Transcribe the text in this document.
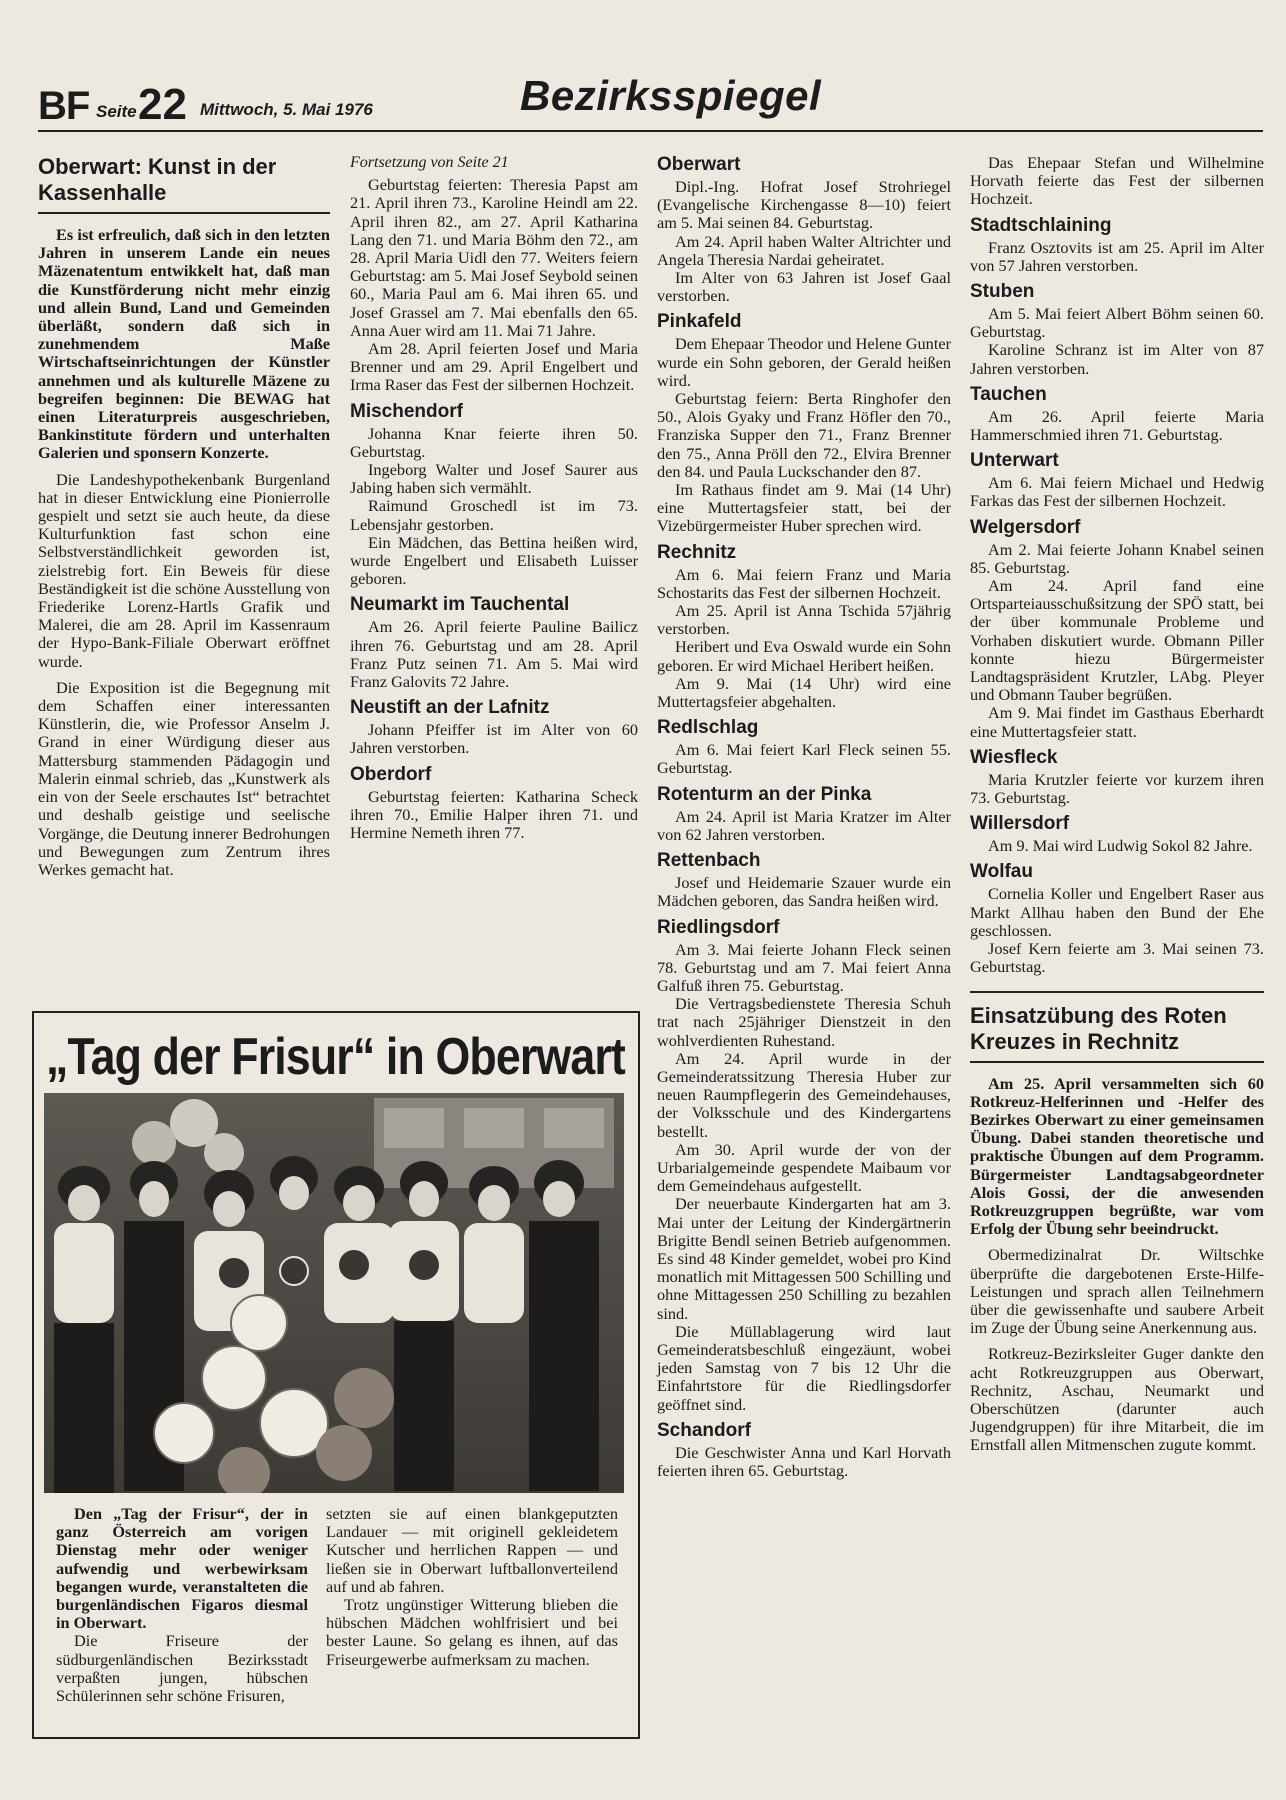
BF Seite 22 Mittwoch, 5. Mai 1976	Bezirksspiegel
Oberwart: Kunst in der Kassenhalle

Es ist erfreulich, daß sich in den letzten Jahren in unserem Lande ein neues Mäzenatentum entwikkelt hat, daß man die Kunstförderung nicht mehr einzig und allein Bund, Land und Gemeinden überläßt, sondern daß sich in zunehmendem Maße Wirtschaftseinrichtungen der Künstler annehmen und als kulturelle Mäzene zu begreifen beginnen: Die BEWAG hat einen Literaturpreis ausgeschrieben, Bankinstitute fördern und unterhalten Galerien und sponsern Konzerte.

Die Landeshypothekenbank Burgenland hat in dieser Entwicklung eine Pionierrolle gespielt und setzt sie auch heute, da diese Kulturfunktion fast schon eine Selbstverständlichkeit geworden ist, zielstrebig fort. Ein Beweis für diese Beständigkeit ist die schöne Ausstellung von Friederike Lorenz-Hartls Grafik und Malerei, die am 28. April im Kassenraum der Hypo-Bank-Filiale Oberwart eröffnet wurde.

Die Exposition ist die Begegnung mit dem Schaffen einer interessanten Künstlerin, die, wie Professor Anselm J. Grand in einer Würdigung dieser aus Mattersburg stammenden Pädagogin und Malerin einmal schrieb, das „Kunstwerk als ein von der Seele erschautes Ist“ betrachtet und deshalb geistige und seelische Vorgänge, die Deutung innerer Bedrohungen und Bewegungen zum Zentrum ihres Werkes gemacht hat.

Fortsetzung von Seite 21

Geburtstag feierten: Theresia Papst am 21. April ihren 73., Karoline Heindl am 22. April ihren 82., am 27. April Katharina Lang den 71. und Maria Böhm den 72., am 28. April Maria Uidl den 77. Weiters feiern Geburtstag: am 5. Mai Josef Seybold seinen 60., Maria Paul am 6. Mai ihren 65. und Josef Grassel am 7. Mai ebenfalls den 65. Anna Auer wird am 11. Mai 71 Jahre.

Am 28. April feierten Josef und Maria Brenner und am 29. April Engelbert und Irma Raser das Fest der silbernen Hochzeit.

Mischendorf

Johanna Knar feierte ihren 50. Geburtstag.

Ingeborg Walter und Josef Saurer aus Jabing haben sich vermählt.

Raimund Groschedl ist im 73. Lebensjahr gestorben.

Ein Mädchen, das Bettina heißen wird, wurde Engelbert und Elisabeth Luisser geboren.

Neumarkt im Tauchental

Am 26. April feierte Pauline Bailicz ihren 76. Geburtstag und am 28. April Franz Putz seinen 71. Am 5. Mai wird Franz Galovits 72 Jahre.

Neustift an der Lafnitz

Johann Pfeiffer ist im Alter von 60 Jahren verstorben.

Oberdorf

Geburtstag feierten: Katharina Scheck ihren 70., Emilie Halper ihren 71. und Hermine Nemeth ihren 77.

Oberwart

Dipl.-Ing. Hofrat Josef Strohriegel (Evangelische Kirchengasse 8—10) feiert am 5. Mai seinen 84. Geburtstag.

Am 24. April haben Walter Altrichter und Angela Theresia Nardai geheiratet.

Im Alter von 63 Jahren ist Josef Gaal verstorben.

Pinkafeld

Dem Ehepaar Theodor und Helene Gunter wurde ein Sohn geboren, der Gerald heißen wird.

Geburtstag feiern: Berta Ringhofer den 50., Alois Gyaky und Franz Höfler den 70., Franziska Supper den 71., Franz Brenner den 75., Anna Pröll den 72., Elvira Brenner den 84. und Paula Luckschander den 87.

Im Rathaus findet am 9. Mai (14 Uhr) eine Muttertagsfeier statt, bei der Vizebürgermeister Huber sprechen wird.

Rechnitz

Am 6. Mai feiern Franz und Maria Schostarits das Fest der silbernen Hochzeit.

Am 25. April ist Anna Tschida 57jährig verstorben.

Heribert und Eva Oswald wurde ein Sohn geboren. Er wird Michael Heribert heißen.

Am 9. Mai (14 Uhr) wird eine Muttertagsfeier abgehalten.

Redlschlag

Am 6. Mai feiert Karl Fleck seinen 55. Geburtstag.

Rotenturm an der Pinka

Am 24. April ist Maria Kratzer im Alter von 62 Jahren verstorben.

Rettenbach

Josef und Heidemarie Szauer wurde ein Mädchen geboren, das Sandra heißen wird.

Riedlingsdorf

Am 3. Mai feierte Johann Fleck seinen 78. Geburtstag und am 7. Mai feiert Anna Galfuß ihren 75. Geburtstag.

Die Vertragsbedienstete Theresia Schuh trat nach 25jähriger Dienstzeit in den wohlverdienten Ruhestand.

Am 24. April wurde in der Gemeinderatssitzung Theresia Huber zur neuen Raumpflegerin des Gemeindehauses, der Volksschule und des Kindergartens bestellt.

Am 30. April wurde der von der Urbarialgemeinde gespendete Maibaum vor dem Gemeindehaus aufgestellt.

Der neuerbaute Kindergarten hat am 3. Mai unter der Leitung der Kindergärtnerin Brigitte Bendl seinen Betrieb aufgenommen. Es sind 48 Kinder gemeldet, wobei pro Kind monatlich mit Mittagessen 500 Schilling und ohne Mittagessen 250 Schilling zu bezahlen sind.

Die Müllablagerung wird laut Gemeinderatsbeschluß eingezäunt, wobei jeden Samstag von 7 bis 12 Uhr die Einfahrtstore für die Riedlingsdorfer geöffnet sind.

Schandorf

Die Geschwister Anna und Karl Horvath feierten ihren 65. Geburtstag.

Das Ehepaar Stefan und Wilhelmine Horvath feierte das Fest der silbernen Hochzeit.

Stadtschlaining

Franz Osztovits ist am 25. April im Alter von 57 Jahren verstorben.

Stuben

Am 5. Mai feiert Albert Böhm seinen 60. Geburtstag.

Karoline Schranz ist im Alter von 87 Jahren verstorben.

Tauchen

Am 26. April feierte Maria Hammerschmied ihren 71. Geburtstag.

Unterwart

Am 6. Mai feiern Michael und Hedwig Farkas das Fest der silbernen Hochzeit.

Welgersdorf

Am 2. Mai feierte Johann Knabel seinen 85. Geburtstag.

Am 24. April fand eine Ortsparteiausschußsitzung der SPÖ statt, bei der über kommunale Probleme und Vorhaben diskutiert wurde. Obmann Piller konnte hiezu Bürgermeister Landtagspräsident Krutzler, LAbg. Pleyer und Obmann Tauber begrüßen.

Am 9. Mai findet im Gasthaus Eberhardt eine Muttertagsfeier statt.

Wiesfleck

Maria Krutzler feierte vor kurzem ihren 73. Geburtstag.

Willersdorf

Am 9. Mai wird Ludwig Sokol 82 Jahre.

Wolfau

Cornelia Koller und Engelbert Raser aus Markt Allhau haben den Bund der Ehe geschlossen.

Josef Kern feierte am 3. Mai seinen 73. Geburtstag.

Einsatzübung des Roten Kreuzes in Rechnitz

Am 25. April versammelten sich 60 Rotkreuz-Helferinnen und -Helfer des Bezirkes Oberwart zu einer gemeinsamen Übung. Dabei standen theoretische und praktische Übungen auf dem Programm. Bürgermeister Landtagsabgeordneter Alois Gossi, der die anwesenden Rotkreuzgruppen begrüßte, war vom Erfolg der Übung sehr beeindruckt.

Obermedizinalrat Dr. Wiltschke überprüfte die dargebotenen Erste-Hilfe-Leistungen und sprach allen Teilnehmern über die gewissenhafte und saubere Arbeit im Zuge der Übung seine Anerkennung aus.

Rotkreuz-Bezirksleiter Guger dankte den acht Rotkreuzgruppen aus Oberwart, Rechnitz, Aschau, Neumarkt und Oberschützen (darunter auch Jugendgruppen) für ihre Mitarbeit, die im Ernstfall allen Mitmenschen zugute kommt.

„Tag der Frisur“ in Oberwart

Den „Tag der Frisur“, der in ganz Österreich am vorigen Dienstag mehr oder weniger aufwendig und werbewirksam begangen wurde, veranstalteten die burgenländischen Figaros diesmal in Oberwart.

Die Friseure der südburgenländischen Bezirksstadt verpaßten jungen, hübschen Schülerinnen sehr schöne Frisuren,

setzten sie auf einen blankgeputzten Landauer — mit originell gekleidetem Kutscher und herrlichen Rappen — und ließen sie in Oberwart luftballonverteilend auf und ab fahren.

Trotz ungünstiger Witterung blieben die hübschen Mädchen wohlfrisiert und bei bester Laune. So gelang es ihnen, auf das Friseurgewerbe aufmerksam zu machen.
